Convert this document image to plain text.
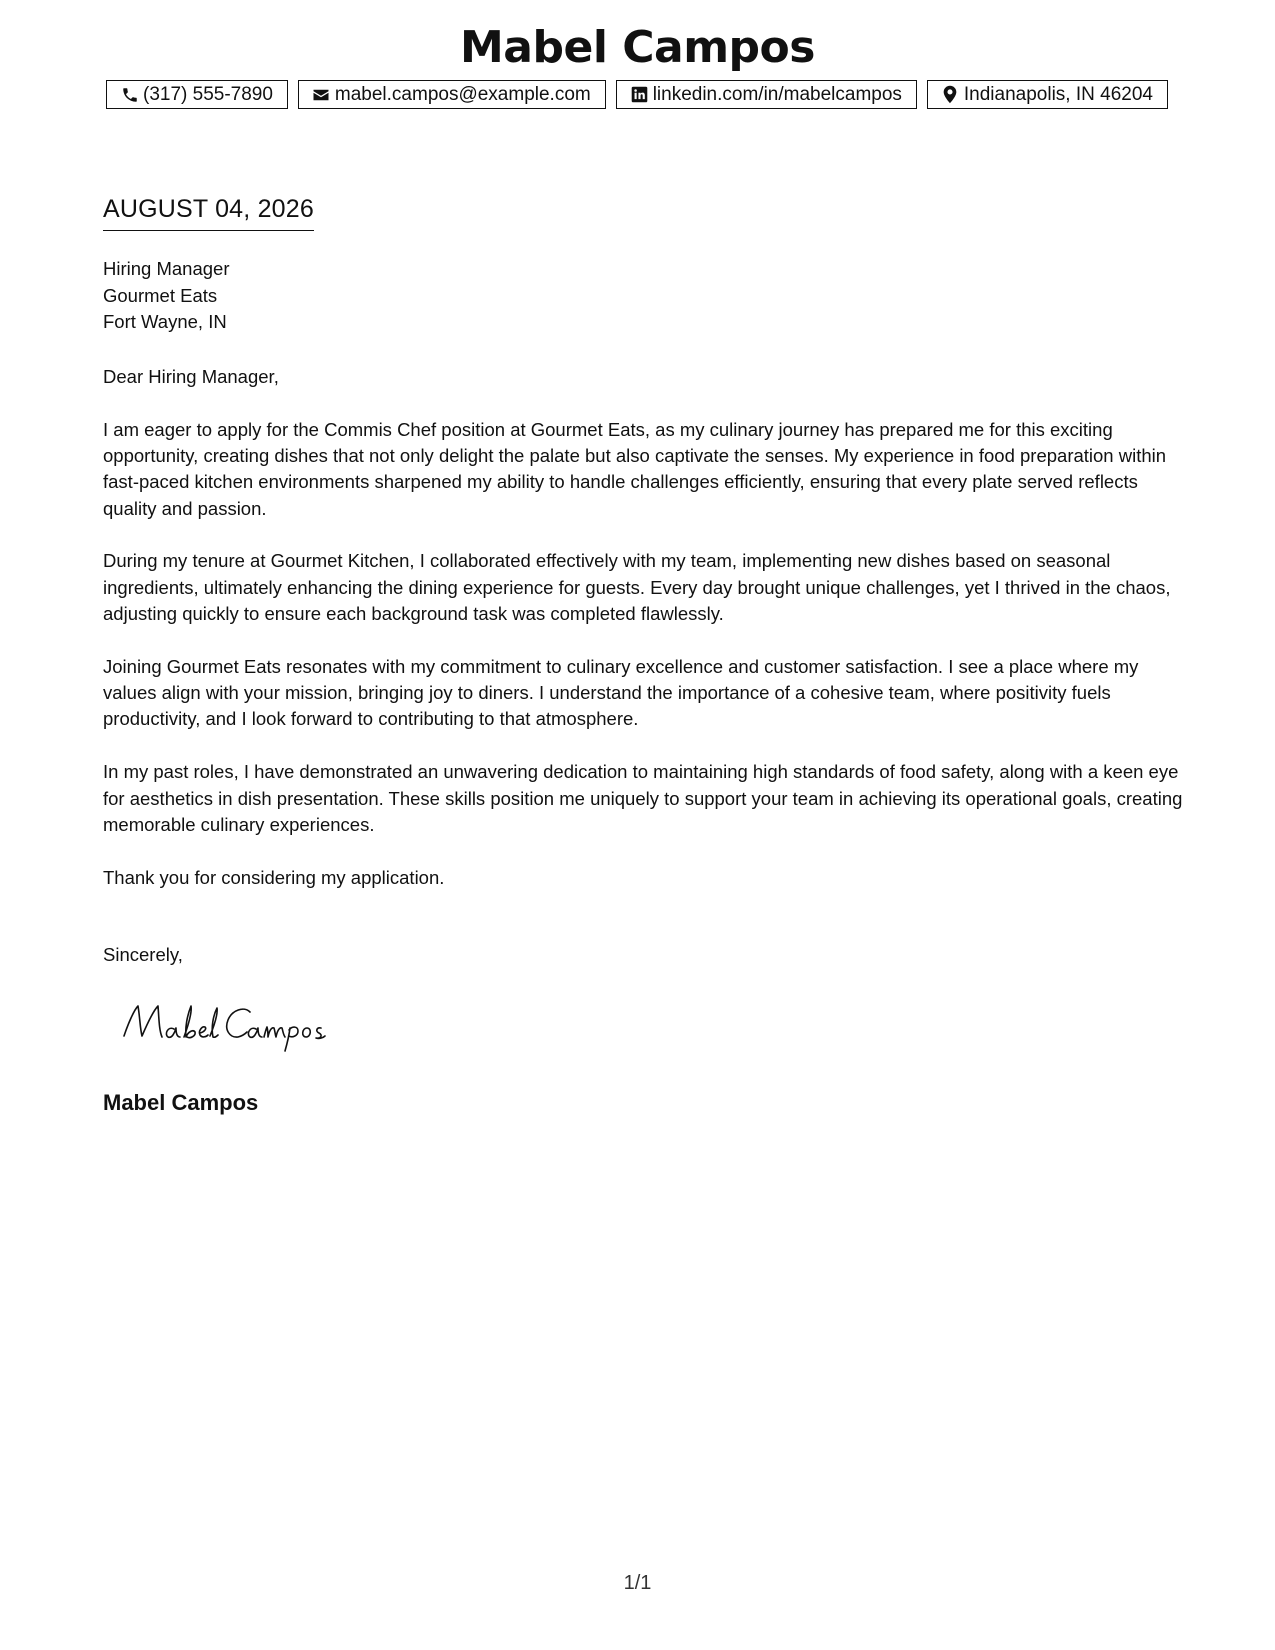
Mabel Campos
(317) 555-7890	mabel.campos@example.com	linkedin.com/in/mabelcampos	Indianapolis, IN 46204
AUGUST 04, 2026
Hiring Manager
Gourmet Eats
Fort Wayne, IN

Dear Hiring Manager,

I am eager to apply for the Commis Chef position at Gourmet Eats, as my culinary journey has prepared me for this exciting opportunity, creating dishes that not only delight the palate but also captivate the senses. My experience in food preparation within fast-paced kitchen environments sharpened my ability to handle challenges efficiently, ensuring that every plate served reflects quality and passion.

During my tenure at Gourmet Kitchen, I collaborated effectively with my team, implementing new dishes based on seasonal ingredients, ultimately enhancing the dining experience for guests. Every day brought unique challenges, yet I thrived in the chaos, adjusting quickly to ensure each background task was completed flawlessly.

Joining Gourmet Eats resonates with my commitment to culinary excellence and customer satisfaction. I see a place where my values align with your mission, bringing joy to diners. I understand the importance of a cohesive team, where positivity fuels productivity, and I look forward to contributing to that atmosphere.

In my past roles, I have demonstrated an unwavering dedication to maintaining high standards of food safety, along with a keen eye for aesthetics in dish presentation. These skills position me uniquely to support your team in achieving its operational goals, creating memorable culinary experiences.

Thank you for considering my application.

Sincerely,
Mabel Campos
1/1
